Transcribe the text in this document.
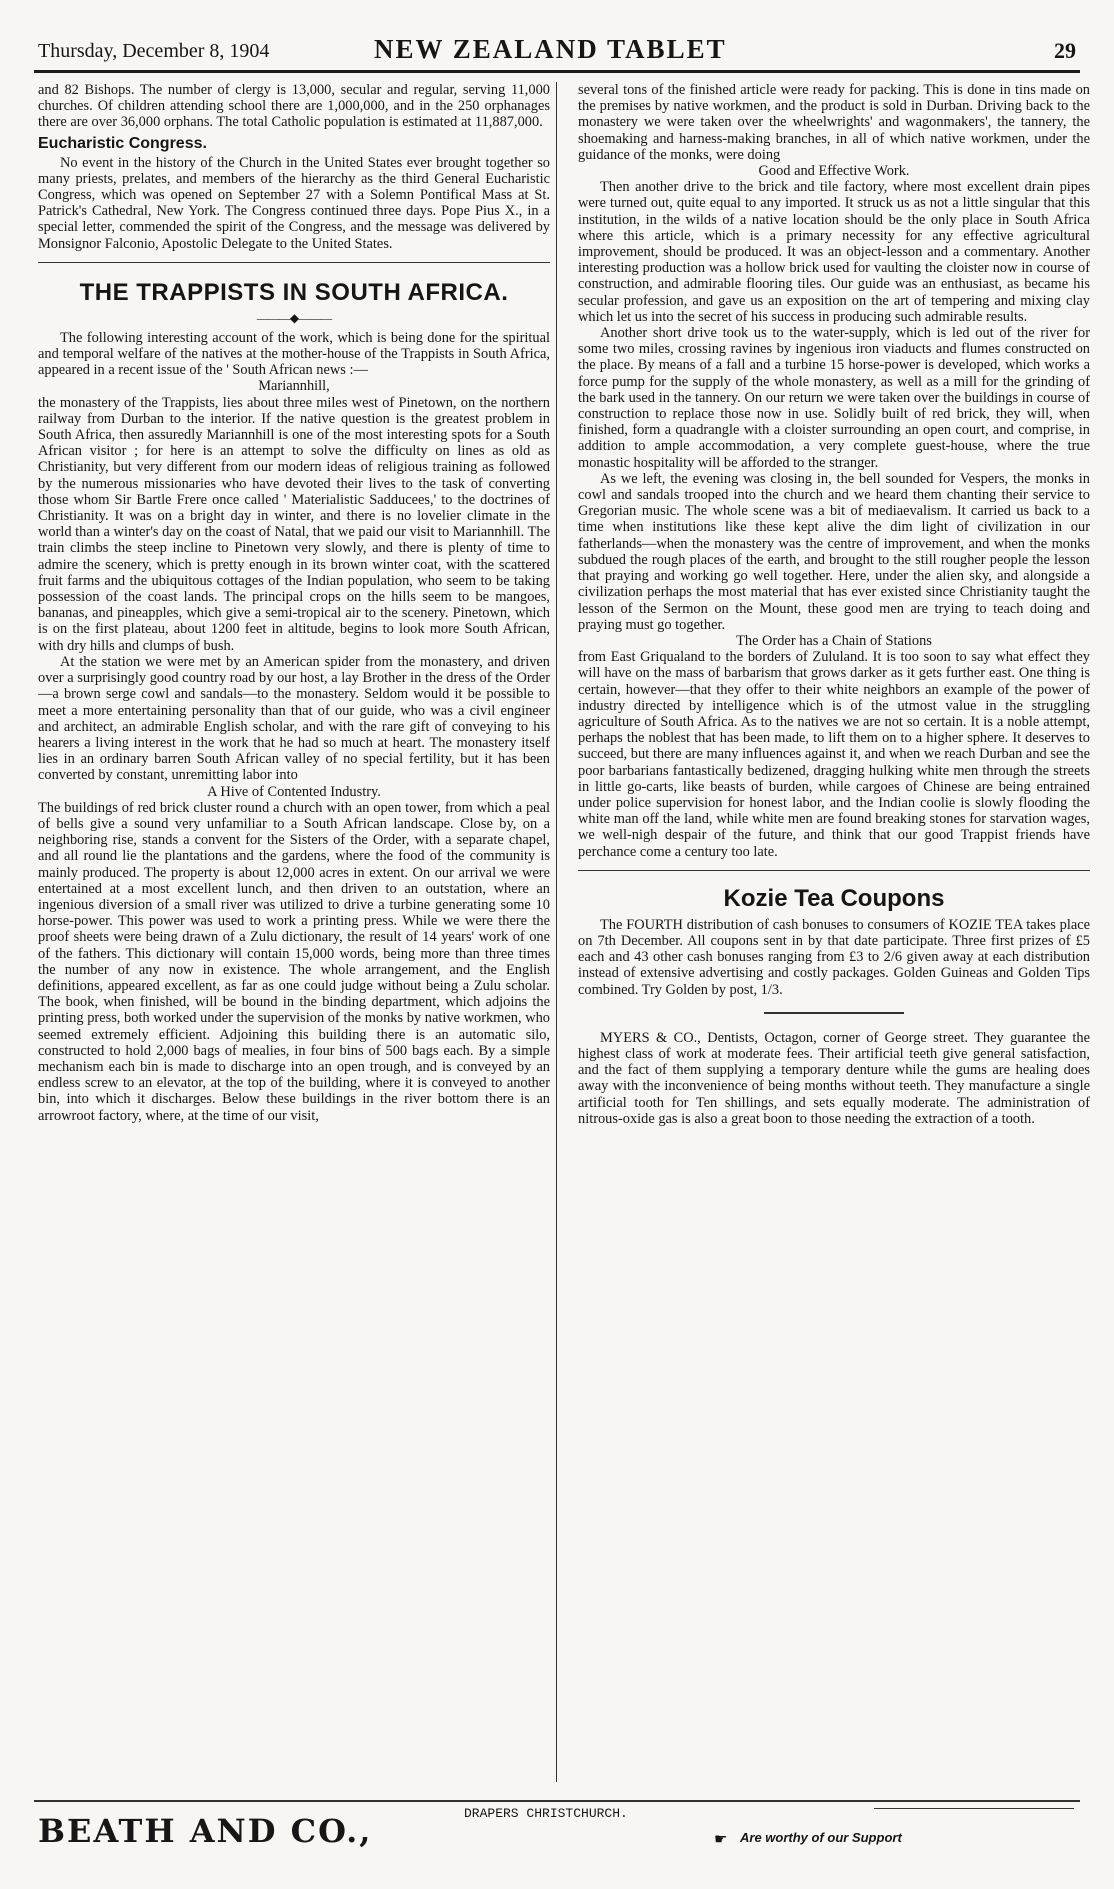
Thursday, December 8, 1904	NEW ZEALAND TABLET	29

and 82 Bishops. The number of clergy is 13,000, secular and regular, serving 11,000 churches. Of children attending school there are 1,000,000, and in the 250 orphanages there are over 36,000 orphans. The total Catholic population is estimated at 11,887,000.

Eucharistic Congress.

No event in the history of the Church in the United States ever brought together so many priests, prelates, and members of the hierarchy as the third General Eucharistic Congress, which was opened on September 27 with a Solemn Pontifical Mass at St. Patrick's Cathedral, New York. The Congress continued three days. Pope Pius X., in a special letter, commended the spirit of the Congress, and the message was delivered by Monsignor Falconio, Apostolic Delegate to the United States.

THE TRAPPISTS IN SOUTH AFRICA.
———◆———

The following interesting account of the work, which is being done for the spiritual and temporal welfare of the natives at the mother-house of the Trappists in South Africa, appeared in a recent issue of the ' South African news :—

Mariannhill,

the monastery of the Trappists, lies about three miles west of Pinetown, on the northern railway from Durban to the interior. If the native question is the greatest problem in South Africa, then assuredly Mariannhill is one of the most interesting spots for a South African visitor ; for here is an attempt to solve the difficulty on lines as old as Christianity, but very different from our modern ideas of religious training as followed by the numerous missionaries who have devoted their lives to the task of converting those whom Sir Bartle Frere once called ' Materialistic Sadducees,' to the doctrines of Christianity. It was on a bright day in winter, and there is no lovelier climate in the world than a winter's day on the coast of Natal, that we paid our visit to Mariannhill. The train climbs the steep incline to Pinetown very slowly, and there is plenty of time to admire the scenery, which is pretty enough in its brown winter coat, with the scattered fruit farms and the ubiquitous cottages of the Indian population, who seem to be taking possession of the coast lands. The principal crops on the hills seem to be mangoes, bananas, and pineapples, which give a semi-tropical air to the scenery. Pinetown, which is on the first plateau, about 1200 feet in altitude, begins to look more South African, with dry hills and clumps of bush.

At the station we were met by an American spider from the monastery, and driven over a surprisingly good country road by our host, a lay Brother in the dress of the Order—a brown serge cowl and sandals—to the monastery. Seldom would it be possible to meet a more entertaining personality than that of our guide, who was a civil engineer and architect, an admirable English scholar, and with the rare gift of conveying to his hearers a living interest in the work that he had so much at heart. The monastery itself lies in an ordinary barren South African valley of no special fertility, but it has been converted by constant, unremitting labor into

A Hive of Contented Industry.

The buildings of red brick cluster round a church with an open tower, from which a peal of bells give a sound very unfamiliar to a South African landscape. Close by, on a neighboring rise, stands a convent for the Sisters of the Order, with a separate chapel, and all round lie the plantations and the gardens, where the food of the community is mainly produced. The property is about 12,000 acres in extent. On our arrival we were entertained at a most excellent lunch, and then driven to an outstation, where an ingenious diversion of a small river was utilized to drive a turbine generating some 10 horse-power. This power was used to work a printing press. While we were there the proof sheets were being drawn of a Zulu dictionary, the result of 14 years' work of one of the fathers. This dictionary will contain 15,000 words, being more than three times the number of any now in existence. The whole arrangement, and the English definitions, appeared excellent, as far as one could judge without being a Zulu scholar. The book, when finished, will be bound in the binding department, which adjoins the printing press, both worked under the supervision of the monks by native workmen, who seemed extremely efficient. Adjoining this building there is an automatic silo, constructed to hold 2,000 bags of mealies, in four bins of 500 bags each. By a simple mechanism each bin is made to discharge into an open trough, and is conveyed by an endless screw to an elevator, at the top of the building, where it is conveyed to another bin, into which it discharges. Below these buildings in the river bottom there is an arrowroot factory, where, at the time of our visit,

several tons of the finished article were ready for packing. This is done in tins made on the premises by native workmen, and the product is sold in Durban. Driving back to the monastery we were taken over the wheelwrights' and wagonmakers', the tannery, the shoemaking and harness-making branches, in all of which native workmen, under the guidance of the monks, were doing

Good and Effective Work.

Then another drive to the brick and tile factory, where most excellent drain pipes were turned out, quite equal to any imported. It struck us as not a little singular that this institution, in the wilds of a native location should be the only place in South Africa where this article, which is a primary necessity for any effective agricultural improvement, should be produced. It was an object-lesson and a commentary. Another interesting production was a hollow brick used for vaulting the cloister now in course of construction, and admirable flooring tiles. Our guide was an enthusiast, as became his secular profession, and gave us an exposition on the art of tempering and mixing clay which let us into the secret of his success in producing such admirable results.

Another short drive took us to the water-supply, which is led out of the river for some two miles, crossing ravines by ingenious iron viaducts and flumes constructed on the place. By means of a fall and a turbine 15 horse-power is developed, which works a force pump for the supply of the whole monastery, as well as a mill for the grinding of the bark used in the tannery. On our return we were taken over the buildings in course of construction to replace those now in use. Solidly built of red brick, they will, when finished, form a quadrangle with a cloister surrounding an open court, and comprise, in addition to ample accommodation, a very complete guest-house, where the true monastic hospitality will be afforded to the stranger.

As we left, the evening was closing in, the bell sounded for Vespers, the monks in cowl and sandals trooped into the church and we heard them chanting their service to Gregorian music. The whole scene was a bit of mediaevalism. It carried us back to a time when institutions like these kept alive the dim light of civilization in our fatherlands—when the monastery was the centre of improvement, and when the monks subdued the rough places of the earth, and brought to the still rougher people the lesson that praying and working go well together. Here, under the alien sky, and alongside a civilization perhaps the most material that has ever existed since Christianity taught the lesson of the Sermon on the Mount, these good men are trying to teach doing and praying must go together.

The Order has a Chain of Stations

from East Griqualand to the borders of Zululand. It is too soon to say what effect they will have on the mass of barbarism that grows darker as it gets further east. One thing is certain, however—that they offer to their white neighbors an example of the power of industry directed by intelligence which is of the utmost value in the struggling agriculture of South Africa. As to the natives we are not so certain. It is a noble attempt, perhaps the noblest that has been made, to lift them on to a higher sphere. It deserves to succeed, but there are many influences against it, and when we reach Durban and see the poor barbarians fantastically bedizened, dragging hulking white men through the streets in little go-carts, like beasts of burden, while cargoes of Chinese are being entrained under police supervision for honest labor, and the Indian coolie is slowly flooding the white man off the land, while white men are found breaking stones for starvation wages, we well-nigh despair of the future, and think that our good Trappist friends have perchance come a century too late.

Kozie Tea Coupons

The FOURTH distribution of cash bonuses to consumers of KOZIE TEA takes place on 7th December. All coupons sent in by that date participate. Three first prizes of £5 each and 43 other cash bonuses ranging from £3 to 2/6 given away at each distribution instead of extensive advertising and costly packages. Golden Guineas and Golden Tips combined. Try Golden by post, 1/3.

MYERS & CO., Dentists, Octagon, corner of George street. They guarantee the highest class of work at moderate fees. Their artificial teeth give general satisfaction, and the fact of them supplying a temporary denture while the gums are healing does away with the inconvenience of being months without teeth. They manufacture a single artificial tooth for Ten shillings, and sets equally moderate. The administration of nitrous-oxide gas is also a great boon to those needing the extraction of a tooth.

BEATH AND CO.,	DRAPERS CHRISTCHURCH.
☛ Are worthy of our Support
